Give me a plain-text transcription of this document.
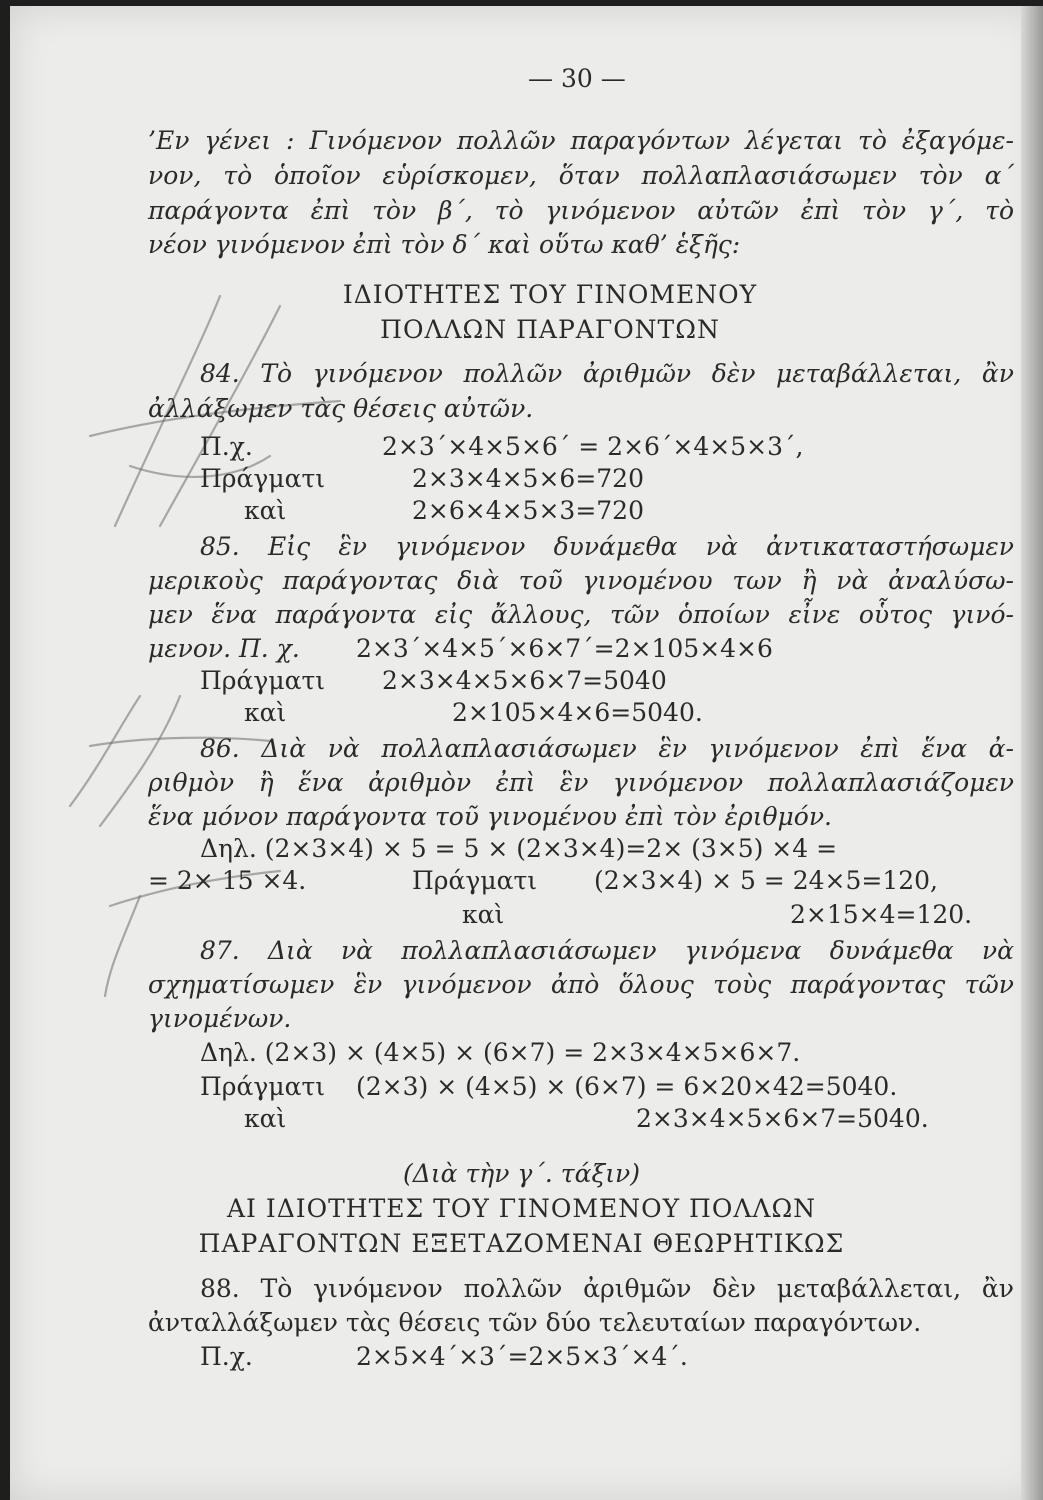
— 30 —
’Εν γένει : Γινόμενον πολλῶν παραγόντων λέγεται τὸ ἐξαγόμε-
νον, τὸ ὁποῖον εὑρίσκομεν, ὅταν πολλαπλασιάσωμεν τὸν α΄
παράγοντα ἐπὶ τὸν β΄, τὸ γινόμενον αὐτῶν ἐπὶ τὸν γ΄, τὸ
νέον γινόμενον ἐπὶ τὸν δ΄ καὶ οὕτω καθ’ ἑξῆς:
ΙΔΙΟΤΗΤΕΣ ΤΟΥ ΓΙΝΟΜΕΝΟΥ
ΠΟΛΛΩΝ ΠΑΡΑΓΟΝΤΩΝ
84. Τὸ γινόμενον πολλῶν ἀριθμῶν δὲν μεταβάλλεται, ἂν
ἀλλάξωμεν τὰς θέσεις αὐτῶν.
Π.χ.	2×3΄×4×5×6΄ = 2×6΄×4×5×3΄,
Πράγματι	2×3×4×5×6=720
καὶ	2×6×4×5×3=720
85. Εἰς ἓν γινόμενον δυνάμεθα νὰ ἀντικαταστήσωμεν
μερικοὺς παράγοντας διὰ τοῦ γινομένου των ἢ νὰ ἀναλύσω-
μεν ἕνα παράγοντα εἰς ἄλλους, τῶν ὁποίων εἶνε οὗτος γινό-
μενον. Π. χ. 2×3΄×4×5΄×6×7΄=2×105×4×6
Πράγματι 2×3×4×5×6×7=5040
καὶ	2×105×4×6=5040.
86. Διὰ νὰ πολλαπλασιάσωμεν ἓν γινόμενον ἐπὶ ἕνα ἀ-
ριθμὸν ἢ ἕνα ἀριθμὸν ἐπὶ ἓν γινόμενον πολλαπλασιάζομεν
ἕνα μόνον παράγοντα τοῦ γινομένου ἐπὶ τὸν ἐριθμόν.
Δηλ. (2×3×4) × 5 = 5 × (2×3×4)=2× (3×5) ×4 =
= 2× 15 ×4.	Πράγματι (2×3×4) × 5 = 24×5=120,
καὶ	2×15×4=120.
87. Διὰ νὰ πολλαπλασιάσωμεν γινόμενα δυνάμεθα νὰ
σχηματίσωμεν ἓν γινόμενον ἀπὸ ὅλους τοὺς παράγοντας τῶν
γινομένων.
Δηλ. (2×3) × (4×5) × (6×7) = 2×3×4×5×6×7.
Πράγματι (2×3) × (4×5) × (6×7) = 6×20×42=5040.
καὶ	2×3×4×5×6×7=5040.
(Διὰ τὴν γ΄. τάξιν)
ΑΙ ΙΔΙΟΤΗΤΕΣ ΤΟΥ ΓΙΝΟΜΕΝΟΥ ΠΟΛΛΩΝ
ΠΑΡΑΓΟΝΤΩΝ ΕΞΕΤΑΖΟΜΕΝΑΙ ΘΕΩΡΗΤΙΚΩΣ
88. Τὸ γινόμενον πολλῶν ἀριθμῶν δὲν μεταβάλλεται, ἂν
ἀνταλλάξωμεν τὰς θέσεις τῶν δύο τελευταίων παραγόντων.
Π.χ.	2×5×4΄×3΄=2×5×3΄×4΄.
